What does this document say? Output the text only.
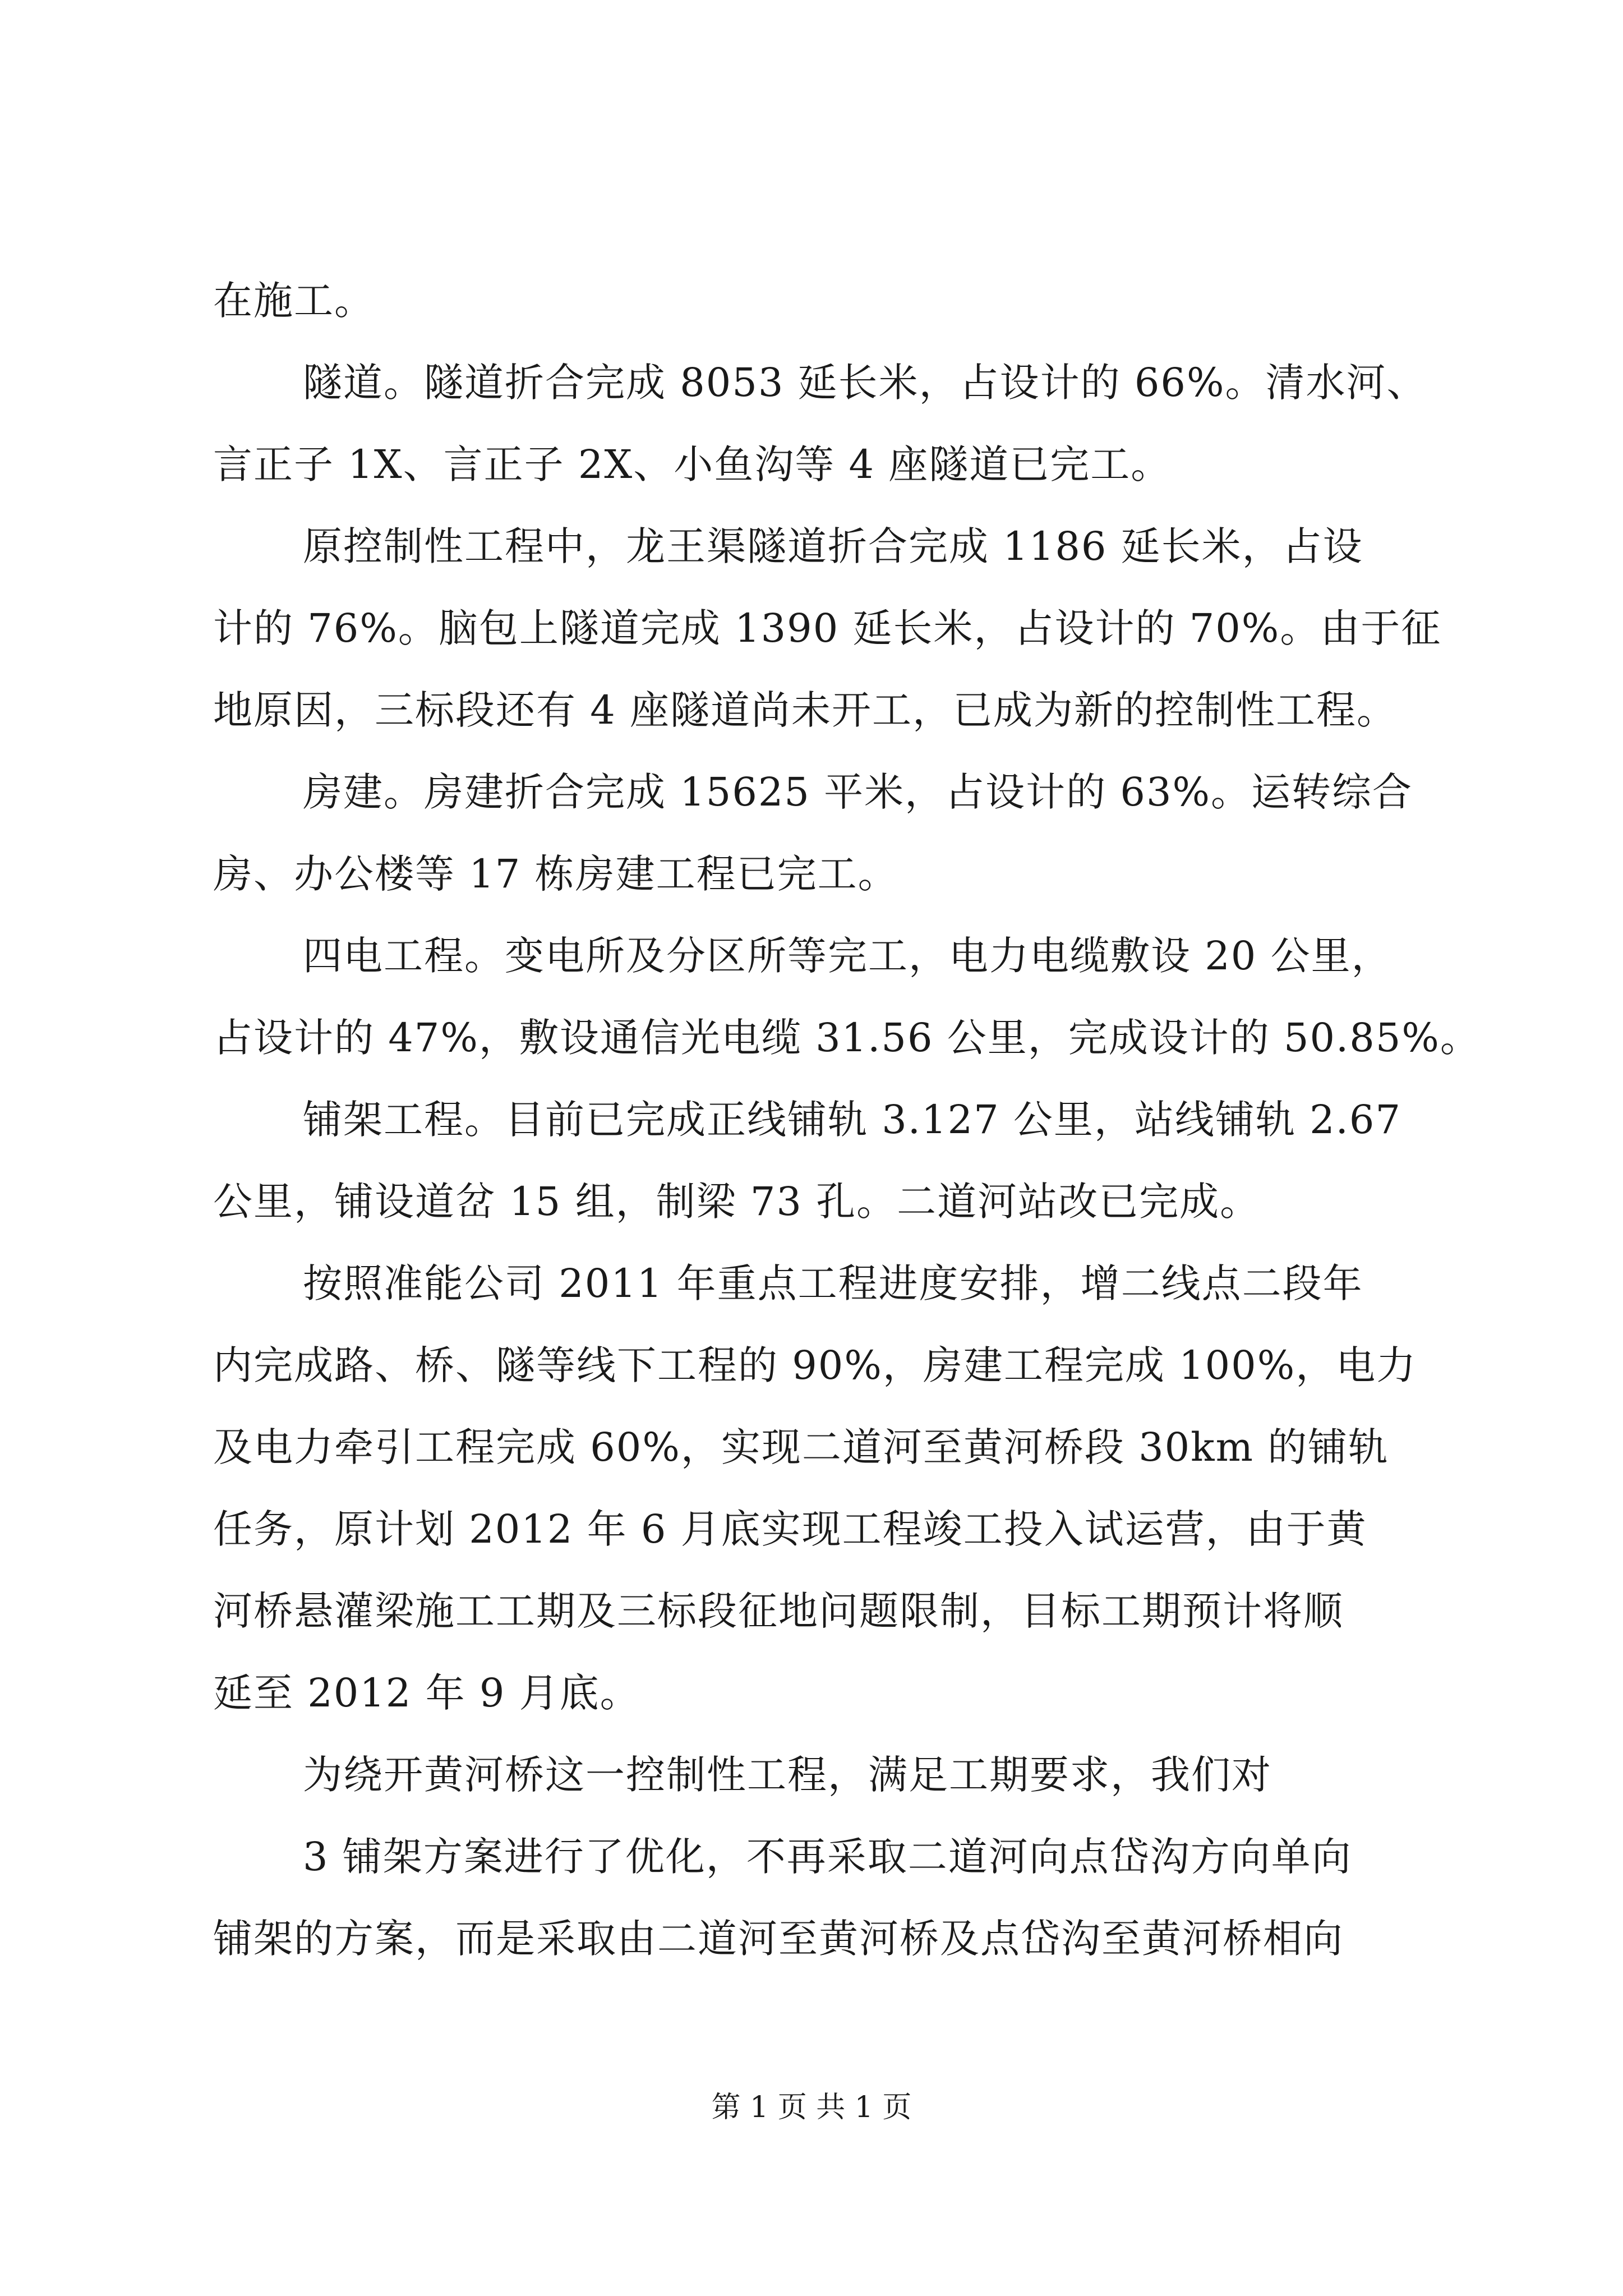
在施工。
隧道。隧道折合完成 8053 延长米，占设计的 66%。清水河、
言正子 1X、言正子 2X、小鱼沟等 4 座隧道已完工。
原控制性工程中，龙王渠隧道折合完成 1186 延长米，占设
计的 76%。脑包上隧道完成 1390 延长米，占设计的 70%。由于征
地原因，三标段还有 4 座隧道尚未开工，已成为新的控制性工程。
房建。房建折合完成 15625 平米，占设计的 63%。运转综合
房、办公楼等 17 栋房建工程已完工。
四电工程。变电所及分区所等完工，电力电缆敷设 20 公里，
占设计的 47%，敷设通信光电缆 31.56 公里，完成设计的 50.85%。
铺架工程。目前已完成正线铺轨 3.127 公里，站线铺轨 2.67
公里，铺设道岔 15 组，制梁 73 孔。二道河站改已完成。
按照准能公司 2011 年重点工程进度安排，增二线点二段年
内完成路、桥、隧等线下工程的 90%，房建工程完成 100%，电力
及电力牵引工程完成 60%，实现二道河至黄河桥段 30km 的铺轨
任务，原计划 2012 年 6 月底实现工程竣工投入试运营，由于黄
河桥悬灌梁施工工期及三标段征地问题限制，目标工期预计将顺
延至 2012 年 9 月底。
为绕开黄河桥这一控制性工程，满足工期要求，我们对
3 铺架方案进行了优化，不再采取二道河向点岱沟方向单向
铺架的方案，而是采取由二道河至黄河桥及点岱沟至黄河桥相向
第 1 页 共 1 页
